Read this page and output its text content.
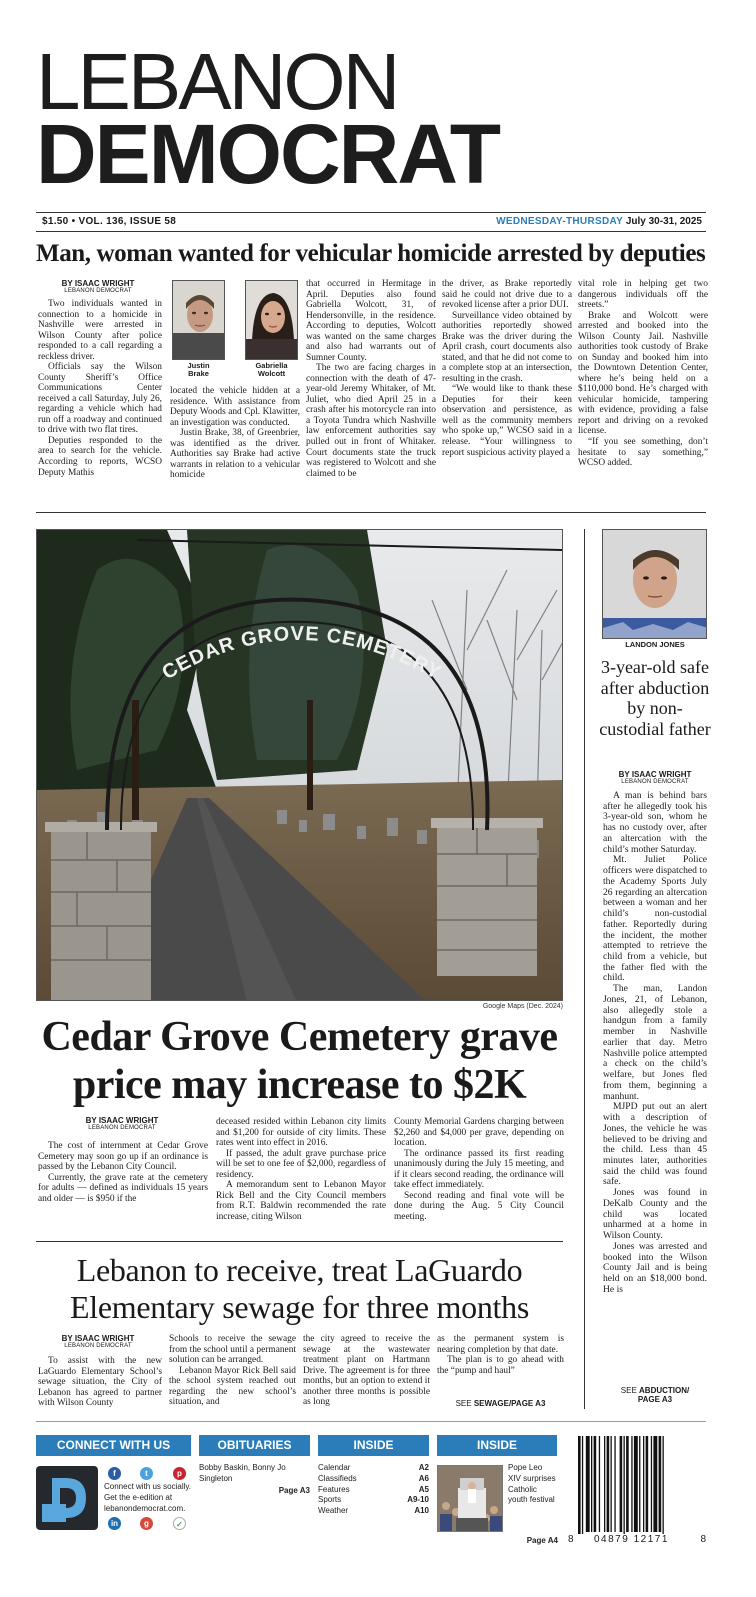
LEBANON
DEMOCRAT
$1.50 • VOL. 136, ISSUE 58	WEDNESDAY-THURSDAY July 30-31, 2025
Man, woman wanted for vehicular homicide arrested by deputies
BY ISAAC WRIGHT
LEBANON DEMOCRAT

Two individuals wanted in connection to a homicide in Nashville were arrested in Wilson County after police responded to a call regarding a reckless driver.

Officials say the Wilson County Sheriff’s Office Communications Center received a call Saturday, July 26, regarding a vehicle which had run off a roadway and continued to drive with two flat tires.

Deputies responded to the area to search for the vehicle. According to reports, WCSO Deputy Mathis

Justin
Brake
Gabriella
Wolcott

located the vehicle hidden at a residence. With assistance from Deputy Woods and Cpl. Klawitter, an investigation was conducted.

Justin Brake, 38, of Greenbrier, was identified as the driver. Authorities say Brake had active warrants in relation to a vehicular homicide

that occurred in Hermitage in April. Deputies also found Gabriella Wolcott, 31, of Hendersonville, in the residence. According to deputies, Wolcott was wanted on the same charges and also had warrants out of Sumner County.

The two are facing charges in connection with the death of 47-year-old Jeremy Whitaker, of Mt. Juliet, who died April 25 in a crash after his motorcycle ran into a Toyota Tundra which Nashville law enforcement authorities say pulled out in front of Whitaker. Court documents state the truck was registered to Wolcott and she claimed to be

the driver, as Brake reportedly said he could not drive due to a revoked license after a prior DUI.

Surveillance video obtained by authorities reportedly showed Brake was the driver during the April crash, court documents also stated, and that he did not come to a complete stop at an intersection, resulting in the crash.

“We would like to thank these Deputies for their keen observation and persistence, as well as the community members who spoke up,” WCSO said in a release. “Your willingness to report suspicious activity played a

vital role in helping get two dangerous individuals off the streets.”

Brake and Wolcott were arrested and booked into the Wilson County Jail. Nashville authorities took custody of Brake on Sunday and booked him into the Downtown Detention Center, where he’s being held on a $110,000 bond. He’s charged with vehicular homicide, tampering with evidence, providing a false report and driving on a revoked license.

“If you see something, don’t hesitate to say something,” WCSO added.

CEDAR GROVE CEMETERY
Google Maps (Dec. 2024)
Cedar Grove Cemetery grave price may increase to $2K
BY ISAAC WRIGHT
LEBANON DEMOCRAT

The cost of internment at Cedar Grove Cemetery may soon go up if an ordinance is passed by the Lebanon City Council.

Currently, the grave rate at the cemetery for adults — defined as individuals 15 years and older — is $950 if the

deceased resided within Lebanon city limits and $1,200 for outside of city limits. These rates went into effect in 2016.

If passed, the adult grave purchase price will be set to one fee of $2,000, regardless of residency.

A memorandum sent to Lebanon Mayor Rick Bell and the City Council members from R.T. Baldwin recommended the rate increase, citing Wilson

County Memorial Gardens charging between $2,260 and $4,000 per grave, depending on location.

The ordinance passed its first reading unanimously during the July 15 meeting, and if it clears second reading, the ordinance will take effect immediately.

Second reading and final vote will be done during the Aug. 5 City Council meeting.

Lebanon to receive, treat LaGuardo Elementary sewage for three months
BY ISAAC WRIGHT
LEBANON DEMOCRAT

To assist with the new LaGuardo Elementary School’s sewage situation, the City of Lebanon has agreed to partner with Wilson County

Schools to receive the sewage from the school until a permanent solution can be arranged.

Lebanon Mayor Rick Bell said the school system reached out regarding the new school’s situation, and

the city agreed to receive the sewage at the wastewater treatment plant on Hartmann Drive. The agreement is for three months, but an option to extend it another three months is possible as long

as the permanent system is nearing completion by that date.

The plan is to go ahead with the “pump and haul”

SEE SEWAGE/PAGE A3
LANDON JONES
3-year-old safe after abduction by non-custodial father
BY ISAAC WRIGHT
LEBANON DEMOCRAT

A man is behind bars after he allegedly took his 3-year-old son, whom he has no custody over, after an altercation with the child’s mother Saturday.

Mt. Juliet Police officers were dispatched to the Academy Sports July 26 regarding an altercation between a woman and her child’s non-custodial father. Reportedly during the incident, the mother attempted to retrieve the child from a vehicle, but the father fled with the child.

The man, Landon Jones, 21, of Lebanon, also allegedly stole a handgun from a family member in Nashville earlier that day. Metro Nashville police attempted a check on the child’s welfare, but Jones fled from them, beginning a manhunt.

MJPD put out an alert with a description of Jones, the vehicle he was believed to be driving and the child. Less than 45 minutes later, authorities said the child was found safe.

Jones was found in DeKalb County and the child was located unharmed at a home in Wilson County.

Jones was arrested and booked into the Wilson County Jail and is being held on an $18,000 bond. He is

SEE ABDUCTION/
PAGE A3
CONNECT WITH US
f	t	p
Connect with us socially.
Get the e-edition at
lebanondemocrat.com.
in	g	✓
OBITUARIES
Bobby Baskin, Bonny Jo Singleton
Page A3
INSIDE
Calendar	A2
Classifieds	A6
Features	A5
Sports	A9-10
Weather	A10
INSIDE
Pope Leo
XIV surprises
Catholic
youth festival
Page A4 8 04879 12171	8
